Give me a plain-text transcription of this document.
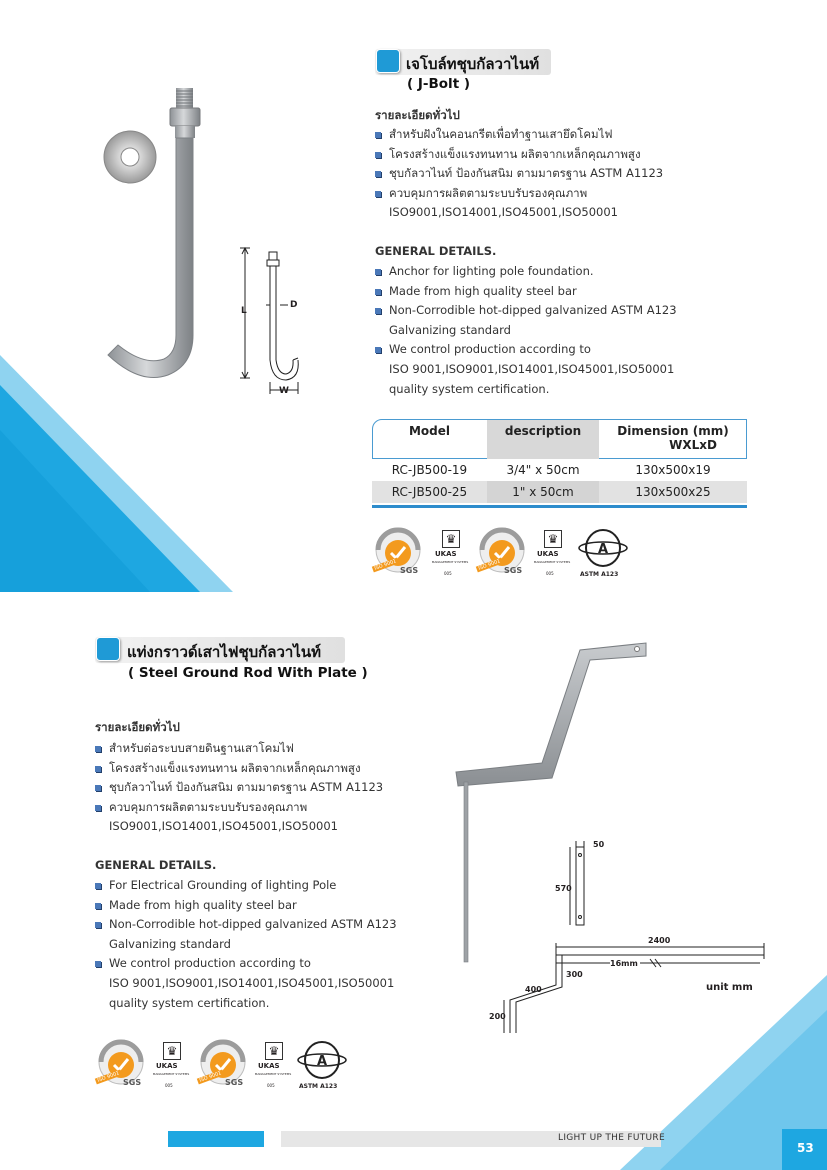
เจโบล์ทชุบกัลวาไนท์
( J-Bolt )
L
D
W
รายละเอียดทั่วไป
สำหรับฝังในคอนกรีตเพื่อทำฐานเสายึดโคมไฟ
โครงสร้างแข็งแรงทนทาน ผลิตจากเหล็กคุณภาพสูง
ชุบกัลวาไนท์ ป้องกันสนิม ตามมาตรฐาน ASTM A1123
ควบคุมการผลิตตามระบบรับรองคุณภาพ
ISO9001,ISO14001,ISO45001,ISO50001
GENERAL DETAILS.
Anchor for lighting pole foundation.
Made from high quality steel bar
Non-Corrodible hot-dipped galvanized ASTM A123
Galvanizing standard
We control production according to
ISO 9001,ISO9001,ISO14001,ISO45001,ISO50001
quality system certification.
Model	description	Dimension (mm)
WXLxD
RC-JB500-19	3/4" x 50cm	130x500x19
RC-JB500-25	1" x 50cm	130x500x25
SGS
ISO 9001
♛
UKAS
MANAGEMENT SYSTEMS
005	SGS
ISO 9001
♛
UKAS
MANAGEMENT SYSTEMS
005
A
ASTM A123
แท่งกราวด์เสาไฟชุบกัลวาไนท์
( Steel Ground Rod With Plate )
50
570
2400
16mm
300
400
200
unit mm
รายละเอียดทั่วไป
สำหรับต่อระบบสายดินฐานเสาโคมไฟ
โครงสร้างแข็งแรงทนทาน ผลิตจากเหล็กคุณภาพสูง
ชุบกัลวาไนท์ ป้องกันสนิม ตามมาตรฐาน ASTM A1123
ควบคุมการผลิตตามระบบรับรองคุณภาพ
ISO9001,ISO14001,ISO45001,ISO50001
GENERAL DETAILS.
For Electrical Grounding of lighting Pole
Made from high quality steel bar
Non-Corrodible hot-dipped galvanized ASTM A123
Galvanizing standard
We control production according to
ISO 9001,ISO9001,ISO14001,ISO45001,ISO50001
quality system certification.
SGS
ISO 9001
♛
UKAS
MANAGEMENT SYSTEMS
005	SGS
ISO 9001
♛
UKAS
MANAGEMENT SYSTEMS
005
A
ASTM A123
LIGHT UP THE FUTURE
53
